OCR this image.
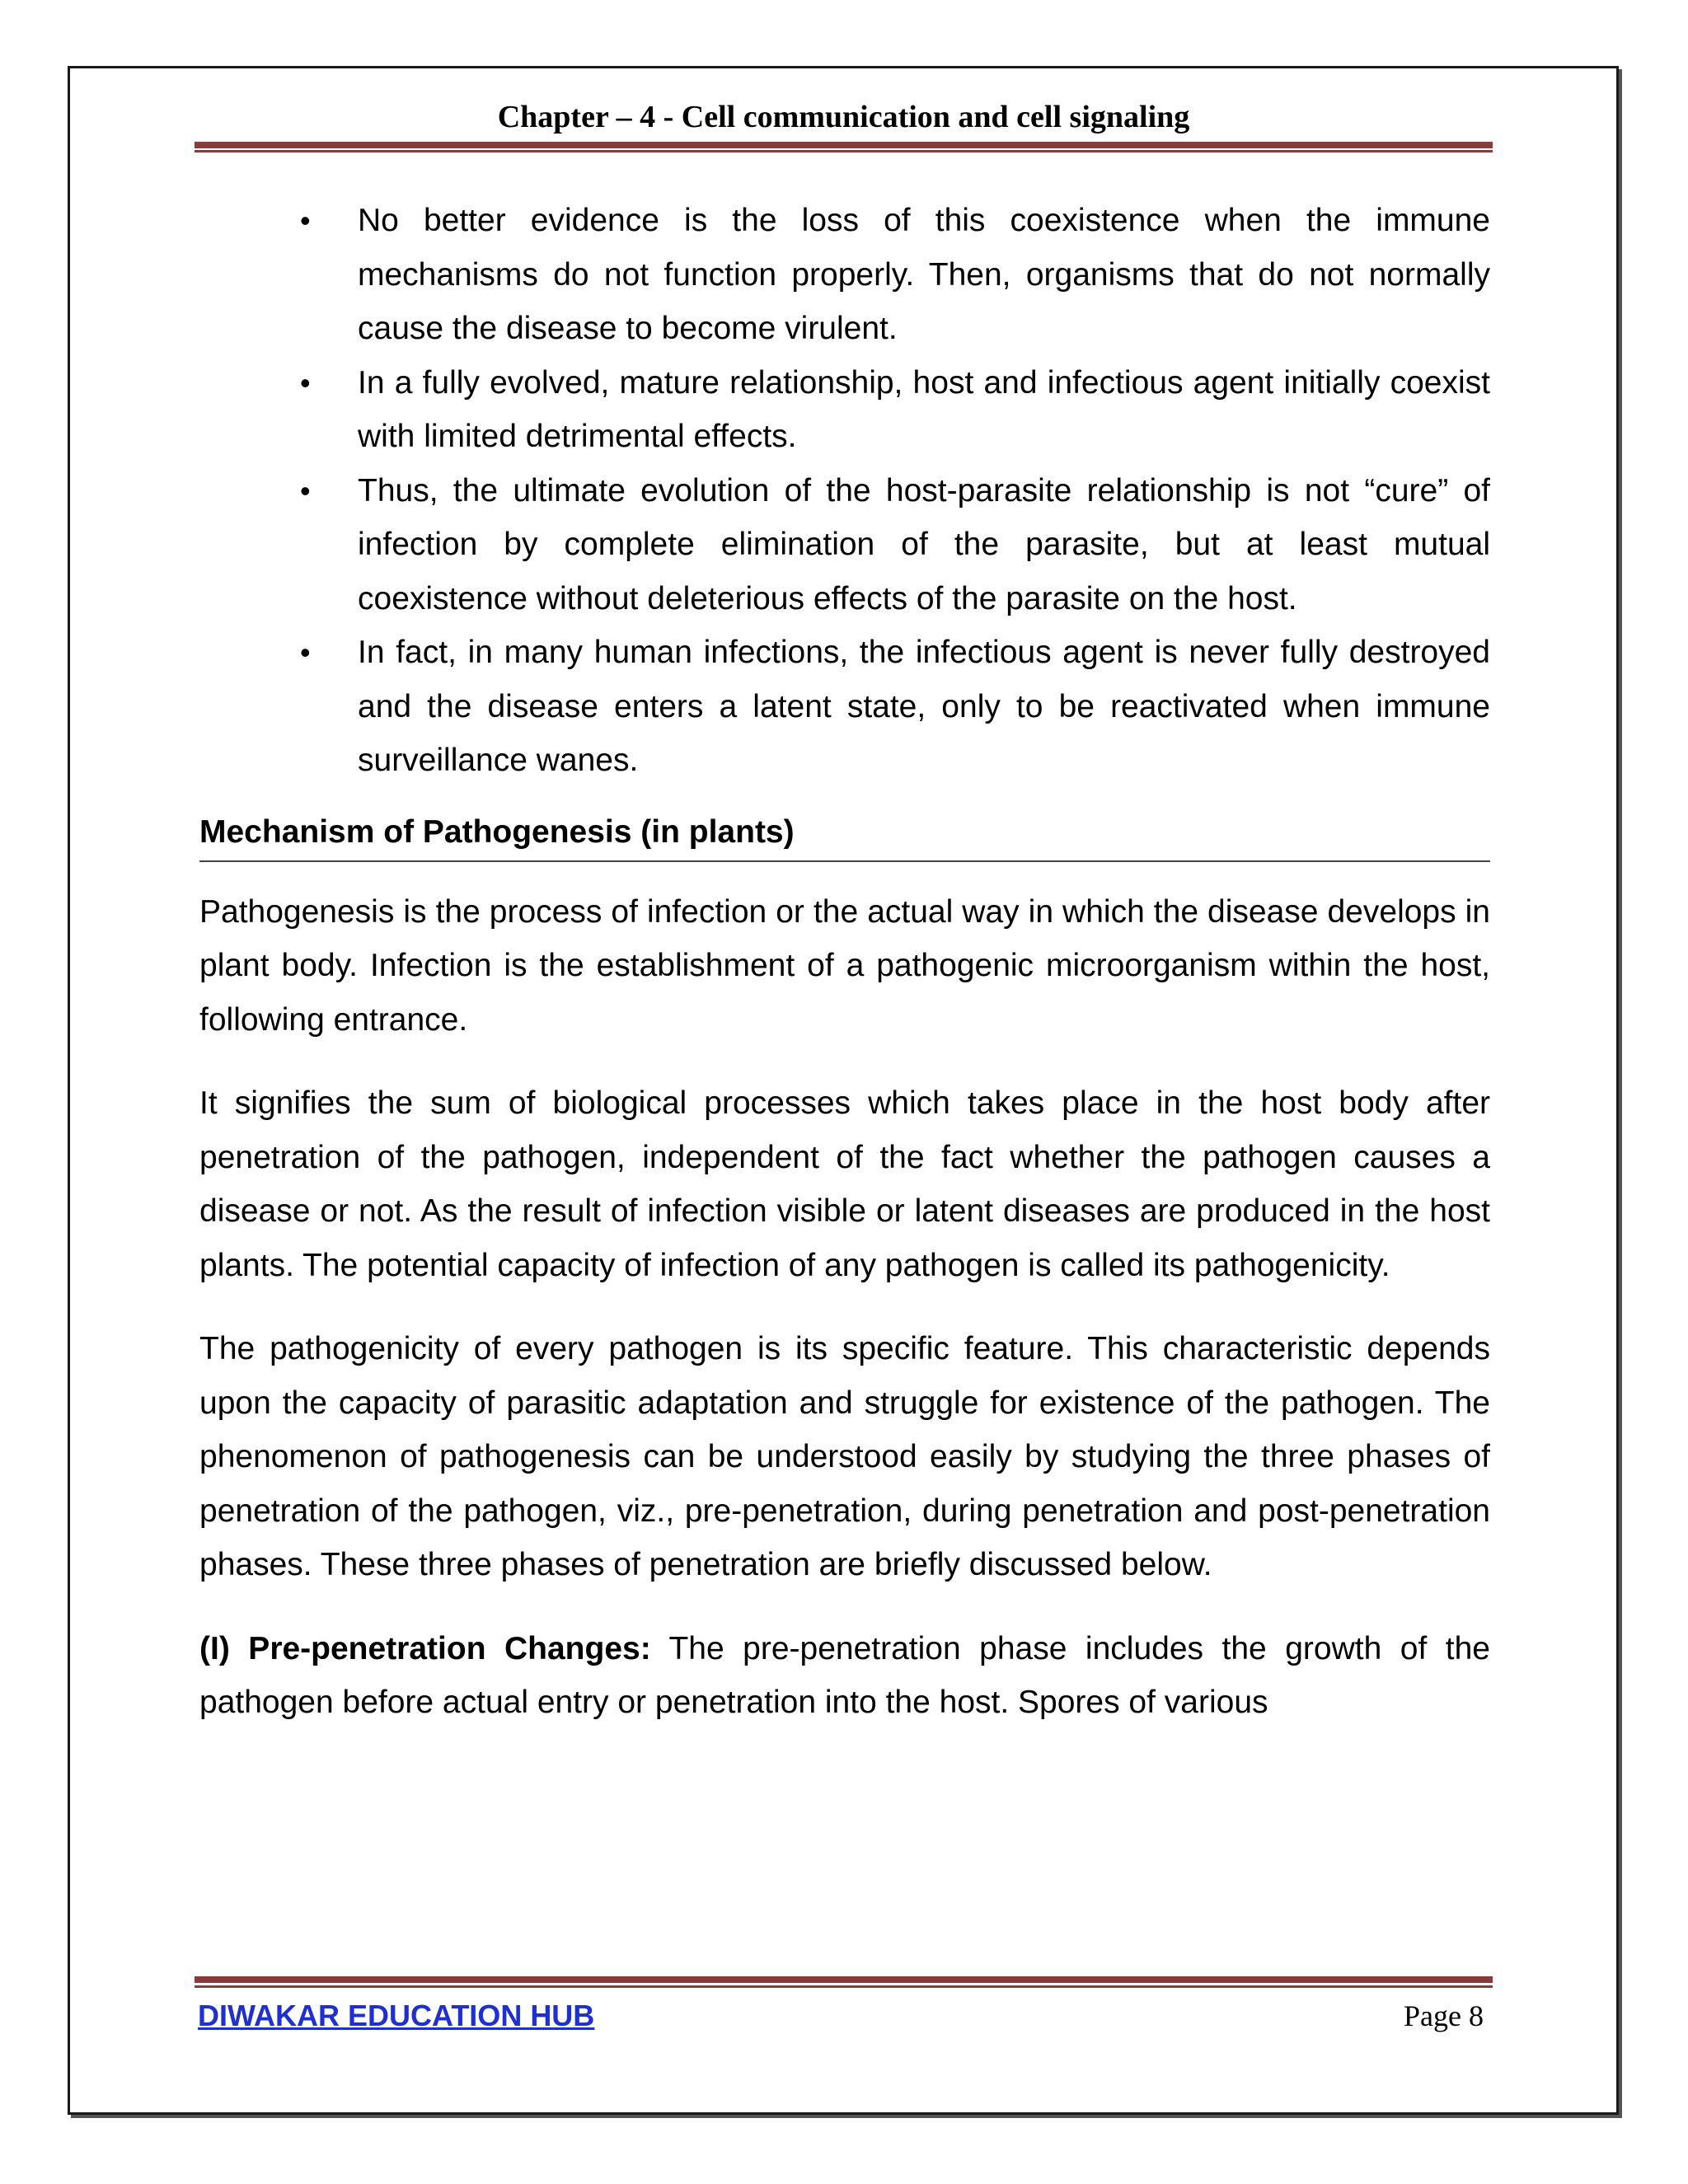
Chapter – 4 - Cell communication and cell signaling
• No better evidence is the loss of this coexistence when the immune mechanisms do not function properly. Then, organisms that do not normally cause the disease to become virulent.
• In a fully evolved, mature relationship, host and infectious agent initially coexist with limited detrimental effects.
• Thus, the ultimate evolution of the host-parasite relationship is not “cure” of infection by complete elimination of the parasite, but at least mutual coexistence without deleterious effects of the parasite on the host.
• In fact, in many human infections, the infectious agent is never fully destroyed and the disease enters a latent state, only to be reactivated when immune surveillance wanes.
Mechanism of Pathogenesis (in plants)

Pathogenesis is the process of infection or the actual way in which the disease develops in plant body. Infection is the establishment of a pathogenic microorganism within the host, following entrance.

It signifies the sum of biological processes which takes place in the host body after penetration of the pathogen, independent of the fact whether the pathogen causes a disease or not. As the result of infection visible or latent diseases are produced in the host plants. The potential capacity of infection of any pathogen is called its pathogenicity.

The pathogenicity of every pathogen is its specific feature. This characteristic depends upon the capacity of parasitic adaptation and struggle for existence of the pathogen. The phenomenon of pathogenesis can be understood easily by studying the three phases of penetration of the pathogen, viz., pre-penetration, during penetration and post-penetration phases. These three phases of penetration are briefly discussed below.

(I) Pre-penetration Changes: The pre-penetration phase includes the growth of the pathogen before actual entry or penetration into the host. Spores of various

DIWAKAR EDUCATION HUB	Page 8
